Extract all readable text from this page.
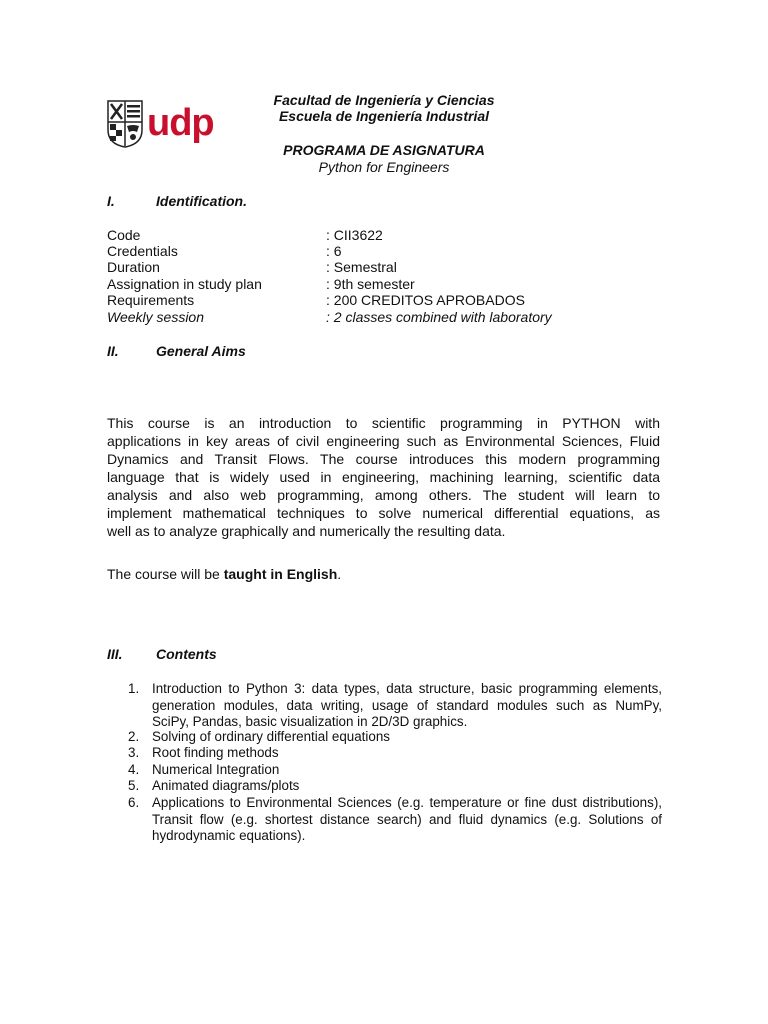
udp
Facultad de Ingeniería y Ciencias
Escuela de Ingeniería Industrial
PROGRAMA DE ASIGNATURA
Python for Engineers
I.	Identification.
Code	: CII3622
Credentials	: 6
Duration	: Semestral
Assignation in study plan	: 9th semester
Requirements	: 200 CREDITOS APROBADOS
Weekly session	: 2 classes combined with laboratory
II.	General Aims
This course is an introduction to scientific programming in PYTHON with
applications in key areas of civil engineering such as Environmental Sciences, Fluid
Dynamics and Transit Flows. The course introduces this modern programming
language that is widely used in engineering, machining learning, scientific data
analysis and also web programming, among others. The student will learn to
implement mathematical techniques to solve numerical differential equations, as
well as to analyze graphically and numerically the resulting data.
The course will be taught in English.
III. Contents
1. Introduction to Python 3: data types, data structure, basic programming elements,
generation modules, data writing, usage of standard modules such as NumPy,
SciPy, Pandas, basic visualization in 2D/3D graphics.
2. Solving of ordinary differential equations
3. Root finding methods
4. Numerical Integration
5. Animated diagrams/plots
6. Applications to Environmental Sciences (e.g. temperature or fine dust distributions),
Transit flow (e.g. shortest distance search) and fluid dynamics (e.g. Solutions of
hydrodynamic equations).
